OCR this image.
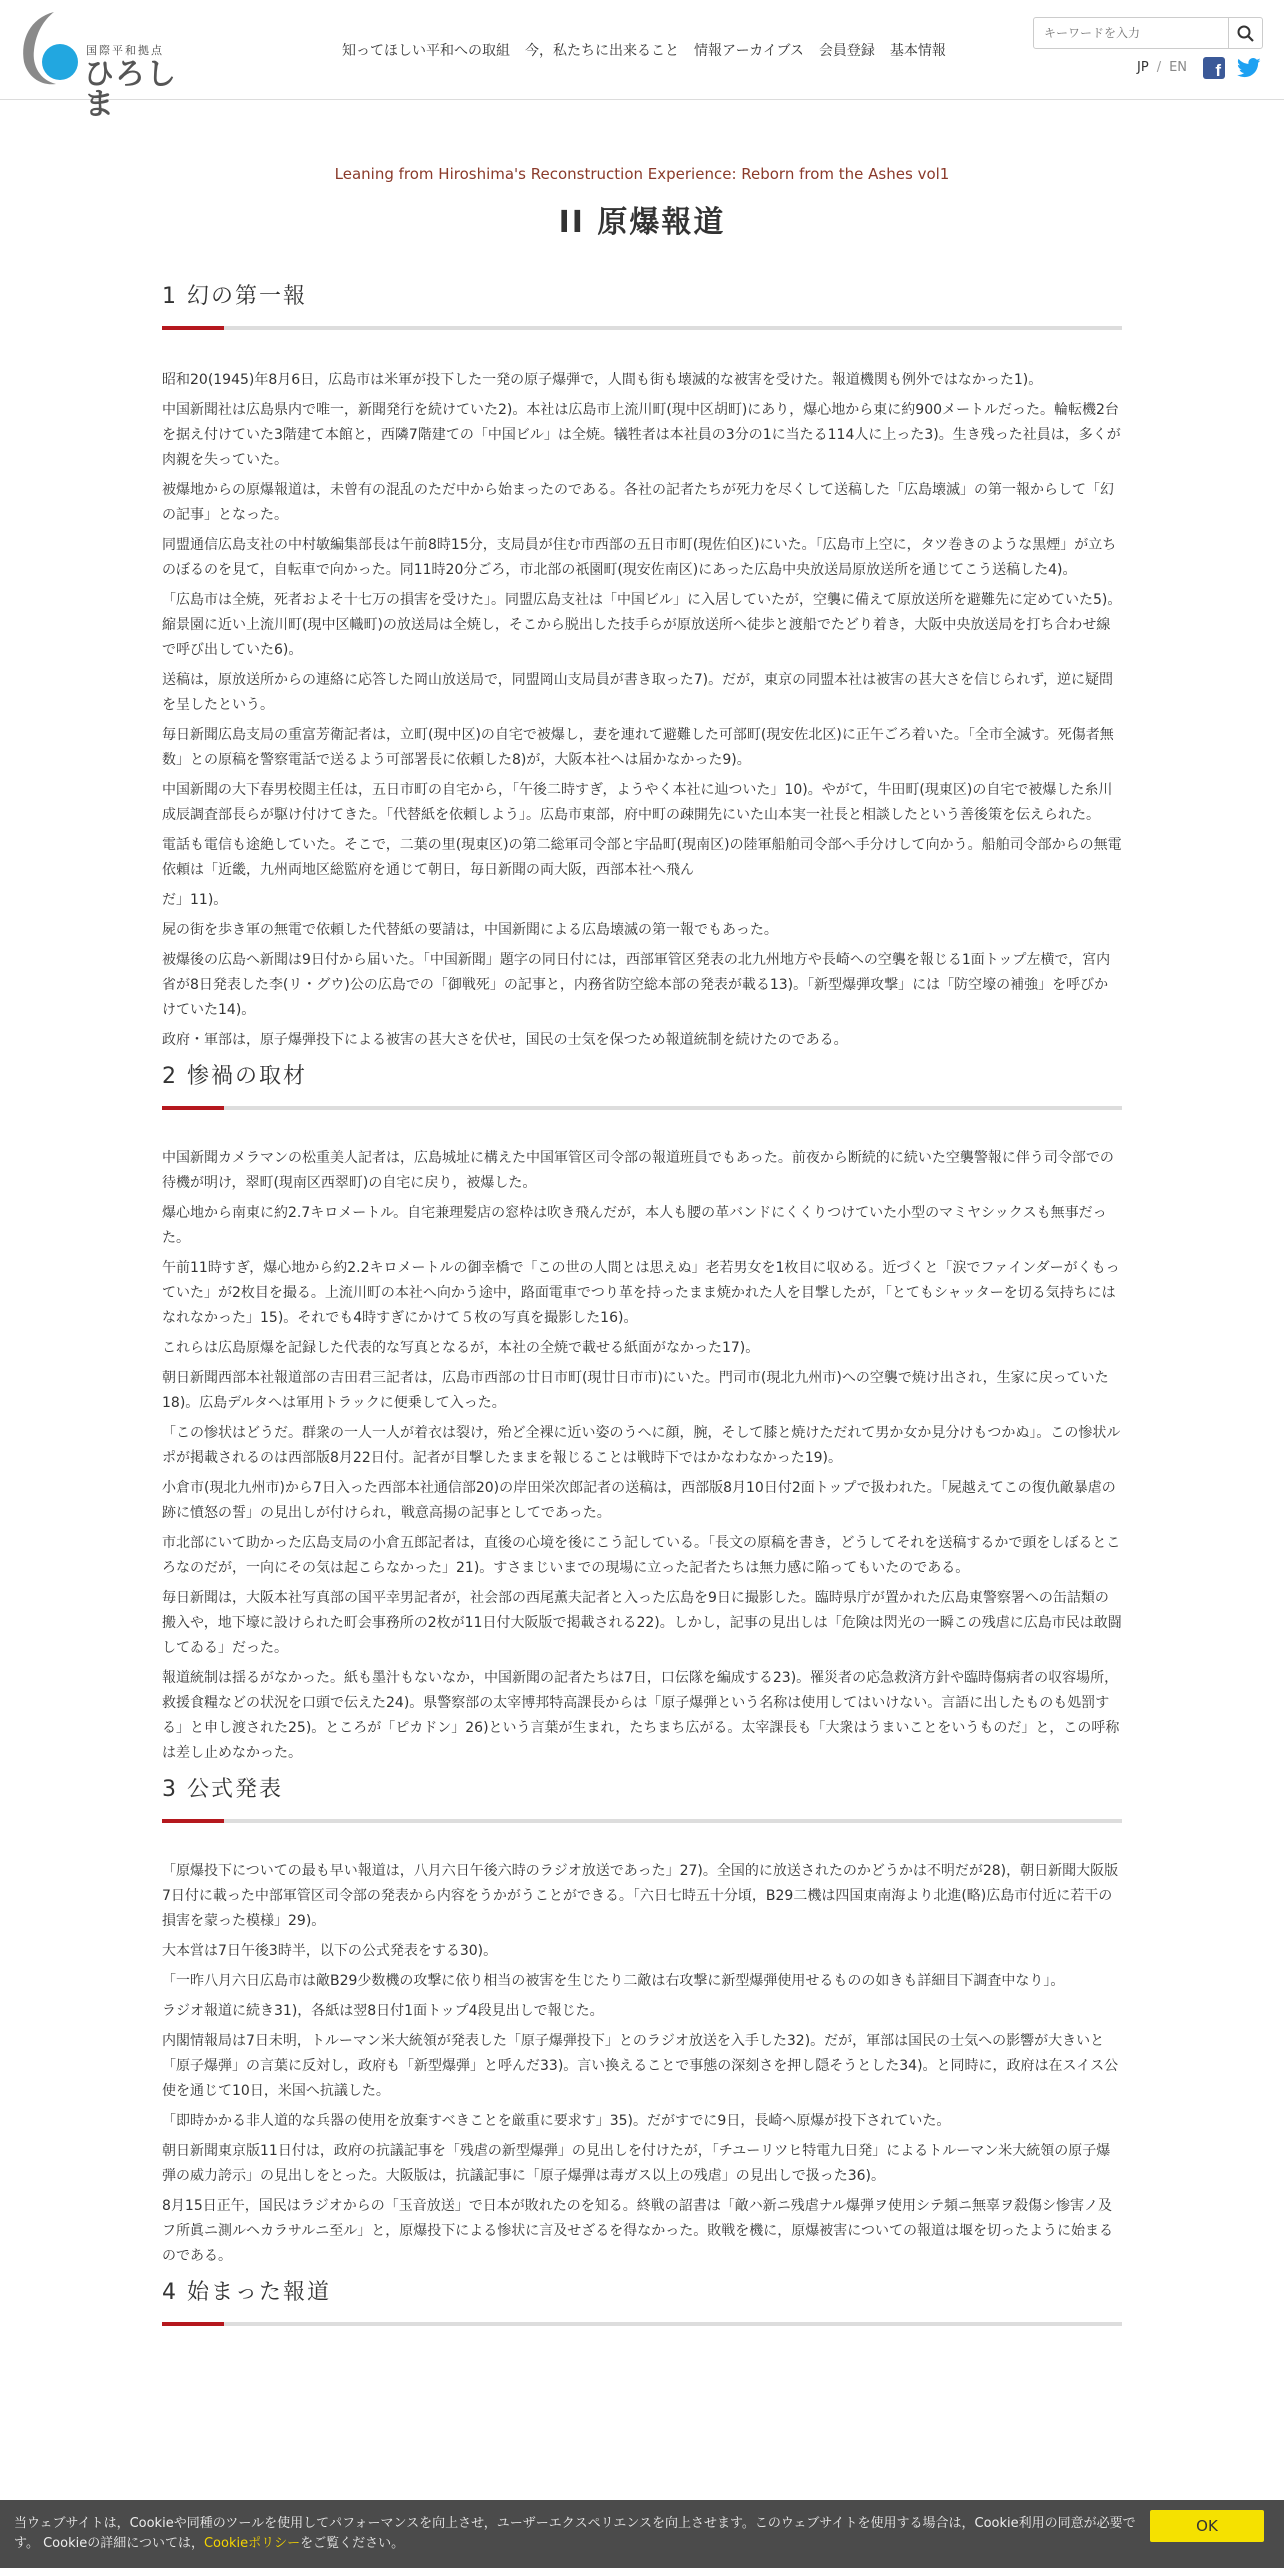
国際平和拠点
ひろしま
知ってほしい平和への取組 今，私たちに出来ること 情報アーカイブス 会員登録 基本情報
キーワードを入力
JP / EN	f
Leaning from Hiroshima's Reconstruction Experience: Reborn from the Ashes vol1
II 原爆報道
1 幻の第一報

昭和20(1945)年8月6日，広島市は米軍が投下した一発の原子爆弾で，人間も街も壊滅的な被害を受けた。報道機関も例外ではなかった1)。

中国新聞社は広島県内で唯一，新聞発行を続けていた2)。本社は広島市上流川町(現中区胡町)にあり，爆心地から東に約900メートルだった。輪転機2台を据え付けていた3階建て本館と，西隣7階建ての「中国ビル」は全焼。犠牲者は本社員の3分の1に当たる114人に上った3)。生き残った社員は，多くが肉親を失っていた。

被爆地からの原爆報道は，未曾有の混乱のただ中から始まったのである。各社の記者たちが死力を尽くして送稿した「広島壊滅」の第一報からして「幻の記事」となった。

同盟通信広島支社の中村敏編集部長は午前8時15分，支局員が住む市西部の五日市町(現佐伯区)にいた。「広島市上空に，タツ巻きのような黒煙」が立ちのぼるのを見て，自転車で向かった。同11時20分ごろ，市北部の祇園町(現安佐南区)にあった広島中央放送局原放送所を通じてこう送稿した4)。

「広島市は全焼，死者およそ十七万の損害を受けた」。同盟広島支社は「中国ビル」に入居していたが，空襲に備えて原放送所を避難先に定めていた5)。縮景園に近い上流川町(現中区幟町)の放送局は全焼し，そこから脱出した技手らが原放送所へ徒歩と渡船でたどり着き，大阪中央放送局を打ち合わせ線で呼び出していた6)。

送稿は，原放送所からの連絡に応答した岡山放送局で，同盟岡山支局員が書き取った7)。だが，東京の同盟本社は被害の甚大さを信じられず，逆に疑問を呈したという。

毎日新聞広島支局の重富芳衛記者は，立町(現中区)の自宅で被爆し，妻を連れて避難した可部町(現安佐北区)に正午ごろ着いた。「全市全滅す。死傷者無数」との原稿を警察電話で送るよう可部署長に依頼した8)が，大阪本社へは届かなかった9)。

中国新聞の大下春男校閲主任は，五日市町の自宅から，「午後二時すぎ，ようやく本社に辿ついた」10)。やがて，牛田町(現東区)の自宅で被爆した糸川成辰調査部長らが駆け付けてきた。「代替紙を依頼しよう」。広島市東部，府中町の疎開先にいた山本実一社長と相談したという善後策を伝えられた。

電話も電信も途絶していた。そこで，二葉の里(現東区)の第二総軍司令部と宇品町(現南区)の陸軍船舶司令部へ手分けして向かう。船舶司令部からの無電依頼は「近畿，九州両地区総監府を通じて朝日，毎日新聞の両大阪，西部本社へ飛ん

だ」11)。

屍の街を歩き軍の無電で依頼した代替紙の要請は，中国新聞による広島壊滅の第一報でもあった。

被爆後の広島へ新聞は9日付から届いた。「中国新聞」題字の同日付には，西部軍管区発表の北九州地方や長崎への空襲を報じる1面トップ左横で，宮内省が8日発表した李(リ・グウ)公の広島での「御戦死」の記事と，内務省防空総本部の発表が載る13)。「新型爆弾攻撃」には「防空壕の補強」を呼びかけていた14)。

政府・軍部は，原子爆弾投下による被害の甚大さを伏せ，国民の士気を保つため報道統制を続けたのである。

2 惨禍の取材

中国新聞カメラマンの松重美人記者は，広島城址に構えた中国軍管区司令部の報道班員でもあった。前夜から断続的に続いた空襲警報に伴う司令部での待機が明け，翠町(現南区西翠町)の自宅に戻り，被爆した。

爆心地から南東に約2.7キロメートル。自宅兼理髪店の窓枠は吹き飛んだが，本人も腰の革バンドにくくりつけていた小型のマミヤシックスも無事だった。

午前11時すぎ，爆心地から約2.2キロメートルの御幸橋で「この世の人間とは思えぬ」老若男女を1枚目に収める。近づくと「涙でファインダーがくもっていた」が2枚目を撮る。上流川町の本社へ向かう途中，路面電車でつり革を持ったまま焼かれた人を目撃したが，「とてもシャッターを切る気持ちにはなれなかった」15)。それでも4時すぎにかけて５枚の写真を撮影した16)。

これらは広島原爆を記録した代表的な写真となるが，本社の全焼で載せる紙面がなかった17)。

朝日新聞西部本社報道部の吉田君三記者は，広島市西部の廿日市町(現廿日市市)にいた。門司市(現北九州市)への空襲で焼け出され，生家に戻っていた18)。広島デルタへは軍用トラックに便乗して入った。

「この惨状はどうだ。群衆の一人一人が着衣は裂け，殆ど全裸に近い姿のうへに顔，腕，そして膝と焼けただれて男か女か見分けもつかぬ」。この惨状ルポが掲載されるのは西部版8月22日付。記者が目撃したままを報じることは戦時下ではかなわなかった19)。

小倉市(現北九州市)から7日入った西部本社通信部20)の岸田栄次郎記者の送稿は，西部版8月10日付2面トップで扱われた。「屍越えてこの復仇敵暴虐の跡に憤怒の誓」の見出しが付けられ，戦意高揚の記事としてであった。

市北部にいて助かった広島支局の小倉五郎記者は，直後の心境を後にこう記している。「長文の原稿を書き，どうしてそれを送稿するかで頭をしぼるところなのだが，一向にその気は起こらなかった」21)。すさまじいまでの現場に立った記者たちは無力感に陥ってもいたのである。

毎日新聞は，大阪本社写真部の国平幸男記者が，社会部の西尾薫夫記者と入った広島を9日に撮影した。臨時県庁が置かれた広島東警察署への缶詰類の搬入や，地下壕に設けられた町会事務所の2枚が11日付大阪版で掲載される22)。しかし，記事の見出しは「危険は閃光の一瞬この残虐に広島市民は敢闘してゐる」だった。

報道統制は揺るがなかった。紙も墨汁もないなか，中国新聞の記者たちは7日，口伝隊を編成する23)。罹災者の応急救済方針や臨時傷病者の収容場所，救援食糧などの状況を口頭で伝えた24)。県警察部の太宰博邦特高課長からは「原子爆弾という名称は使用してはいけない。言語に出したものも処罰する」と申し渡された25)。ところが「ピカドン」26)という言葉が生まれ，たちまち広がる。太宰課長も「大衆はうまいことをいうものだ」と，この呼称は差し止めなかった。

3 公式発表

「原爆投下についての最も早い報道は，八月六日午後六時のラジオ放送であった」27)。全国的に放送されたのかどうかは不明だが28)，朝日新聞大阪版7日付に載った中部軍管区司令部の発表から内容をうかがうことができる。「六日七時五十分頃，B29二機は四国東南海より北進(略)広島市付近に若干の損害を蒙った模様」29)。

大本営は7日午後3時半，以下の公式発表をする30)。

「一昨八月六日広島市は敵B29少数機の攻撃に依り相当の被害を生じたり二敵は右攻撃に新型爆弾使用せるものの如きも詳細目下調査中なり」。

ラジオ報道に続き31)，各紙は翌8日付1面トップ4段見出しで報じた。

内閣情報局は7日未明，トルーマン米大統領が発表した「原子爆弾投下」とのラジオ放送を入手した32)。だが，軍部は国民の士気への影響が大きいと「原子爆弾」の言葉に反対し，政府も「新型爆弾」と呼んだ33)。言い換えることで事態の深刻さを押し隠そうとした34)。と同時に，政府は在スイス公使を通じて10日，米国へ抗議した。

「即時かかる非人道的な兵器の使用を放棄すべきことを厳重に要求す」35)。だがすでに9日，長崎へ原爆が投下されていた。

朝日新聞東京版11日付は，政府の抗議記事を「残虐の新型爆弾」の見出しを付けたが，「チユーリツヒ特電九日発」によるトルーマン米大統領の原子爆弾の威力誇示」の見出しをとった。大阪版は，抗議記事に「原子爆弾は毒ガス以上の残虐」の見出しで扱った36)。

8月15日正午，国民はラジオからの「玉音放送」で日本が敗れたのを知る。終戦の詔書は「敵ハ新ニ残虐ナル爆弾ヲ使用シテ頻ニ無辜ヲ殺傷シ惨害ノ及フ所眞ニ測ルヘカラサルニ至ル」と，原爆投下による惨状に言及せざるを得なかった。敗戦を機に，原爆被害についての報道は堰を切ったように始まるのである。

4 始まった報道
当ウェブサイトは，Cookieや同種のツールを使用してパフォーマンスを向上させ，ユーザーエクスペリエンスを向上させます。このウェブサイトを使用する場合は，Cookie利用の同意が必要です。 Cookieの詳細については，Cookieポリシーをご覧ください。
OK
